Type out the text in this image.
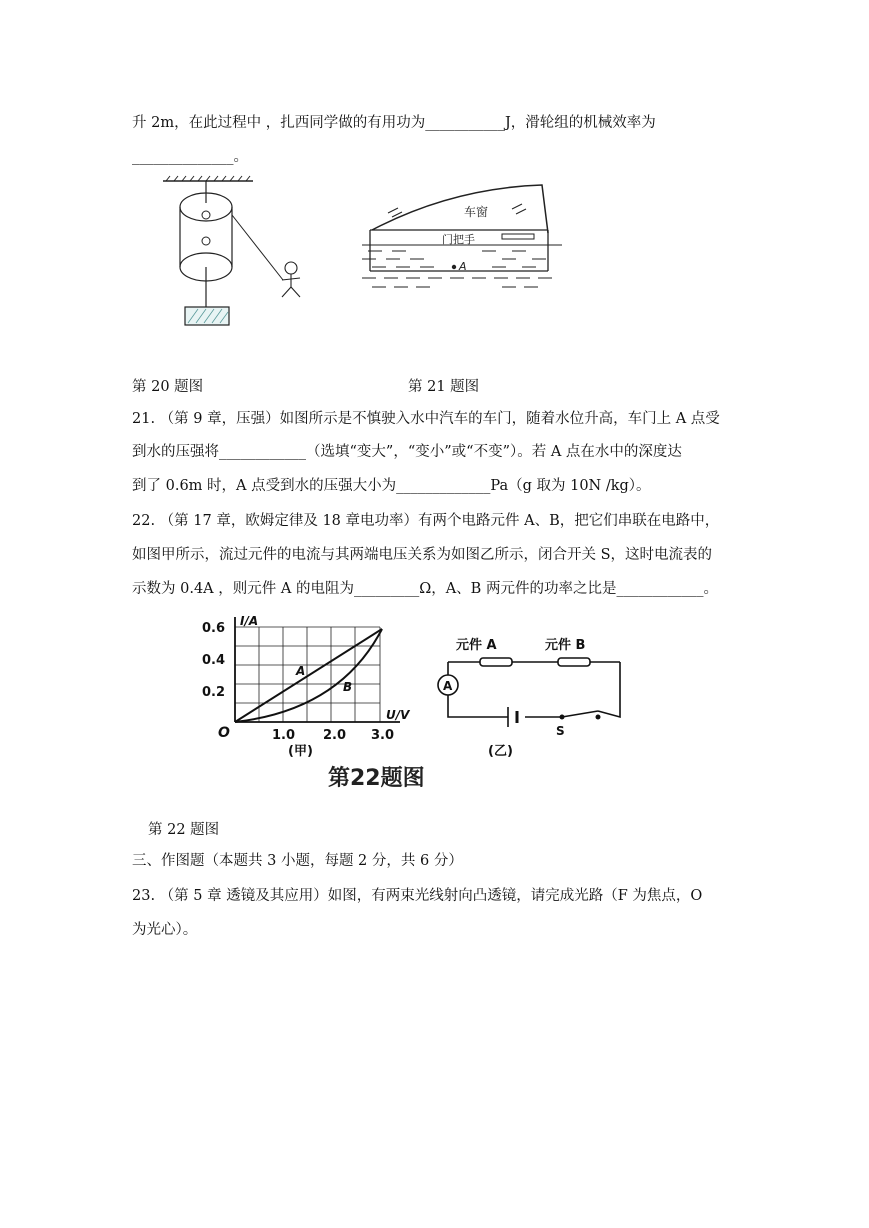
升 2m，在此过程中 ，扎西同学做的有用功为___________J，滑轮组的机械效率为
______________。
车窗
门把手
A
第 20 题图	第 21 题图
21. （第 9 章，压强）如图所示是不慎驶入水中汽车的车门，随着水位升高，车门上 A 点受
到水的压强将____________（选填“变大”，“变小”或“不变”）。若 A 点在水中的深度达
到了 0.6m 时，A 点受到水的压强大小为_____________Pa（g 取为 10N /kg）。
22. （第 17 章，欧姆定律及 18 章电功率）有两个电路元件 A、B，把它们串联在电路中，
如图甲所示，流过元件的电流与其两端电压关系为如图乙所示，闭合开关 S，这时电流表的
示数为 0.4A ，则元件 A 的电阻为_________Ω，A、B 两元件的功率之比是____________。
I/A
U/V
O
0.6
0.4
0.2
1.0 2.0 3.0
A
B
(甲)
A
元件 A	元件 B
S
(乙)
第22题图
第 22 题图
三、作图题（本题共 3 小题，每题 2 分，共 6 分）
23. （第 5 章 透镜及其应用）如图，有两束光线射向凸透镜，请完成光路（F 为焦点，O
为光心）。
